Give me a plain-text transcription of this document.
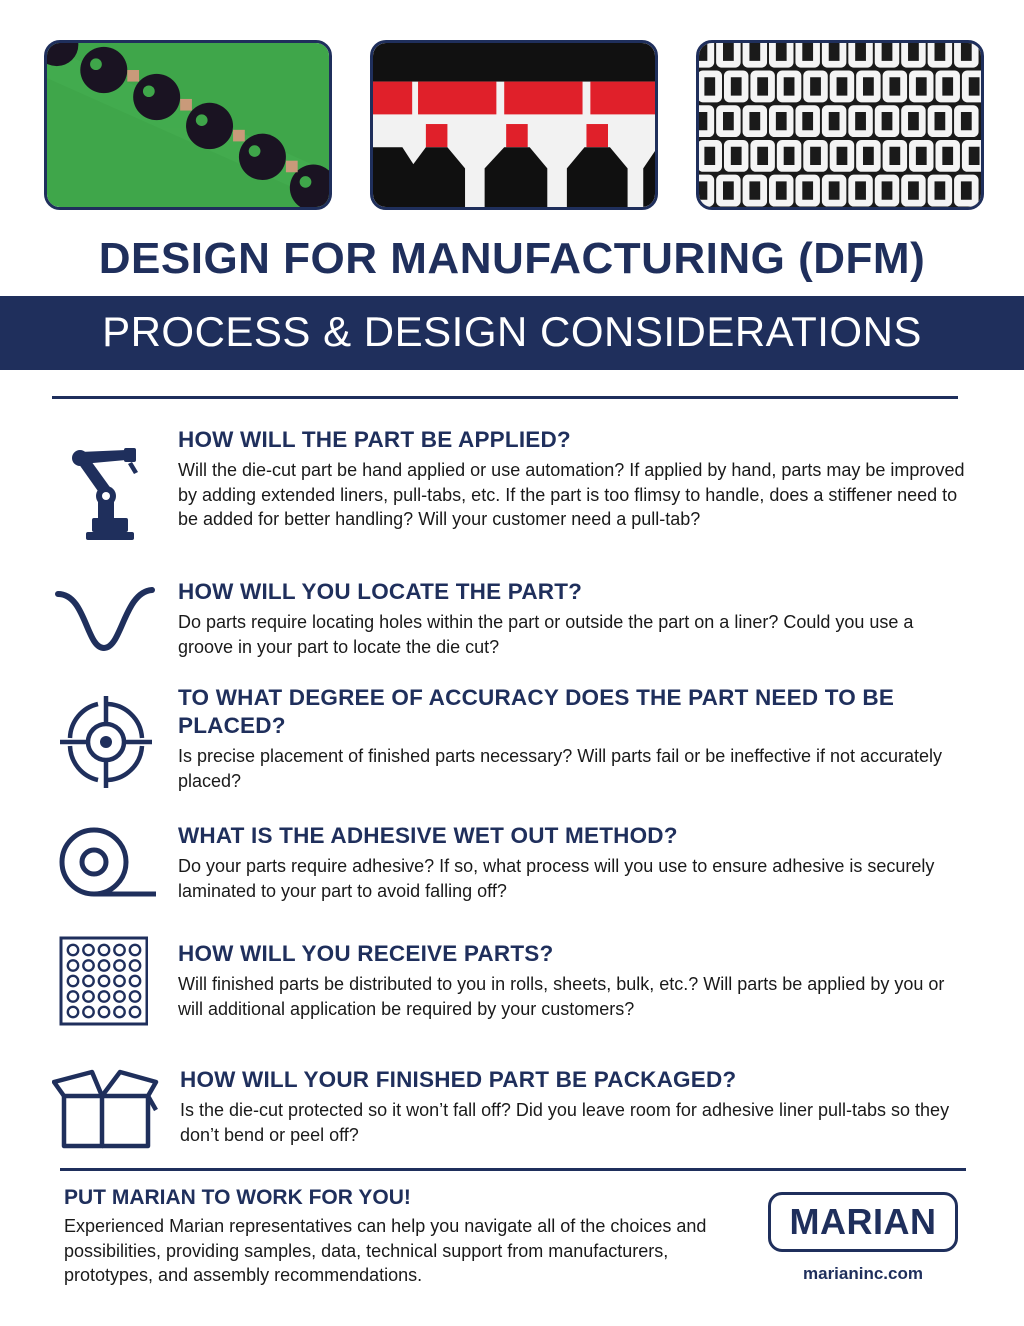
DESIGN FOR MANUFACTURING (DFM)
PROCESS & DESIGN CONSIDERATIONS
HOW WILL THE PART BE APPLIED?
Will the die-cut part be hand applied or use automation? If applied by hand, parts may be improved by adding extended liners, pull-tabs, etc. If the part is too flimsy to handle, does a stiffener need to be added for better handling? Will your customer need a pull-tab?
HOW WILL YOU LOCATE THE PART?
Do parts require locating holes within the part or outside the part on a liner? Could you use a groove in your part to locate the die cut?
TO WHAT DEGREE OF ACCURACY DOES THE PART NEED TO BE PLACED?
Is precise placement of finished parts necessary? Will parts fail or be ineffective if not accurately placed?
WHAT IS THE ADHESIVE WET OUT METHOD?
Do your parts require adhesive? If so, what process will you use to ensure adhesive is securely laminated to your part to avoid falling off?
HOW WILL YOU RECEIVE PARTS?
Will finished parts be distributed to you in rolls, sheets, bulk, etc.? Will parts be applied by you or will additional application be required by your customers?
HOW WILL YOUR FINISHED PART BE PACKAGED?
Is the die-cut protected so it won’t fall off? Did you leave room for adhesive liner pull-tabs so they don’t bend or peel off?
PUT MARIAN TO WORK FOR YOU!
Experienced Marian representatives can help you navigate all of the choices and possibilities, providing samples, data, technical support from manufacturers, prototypes, and assembly recommendations.
MARIAN
marianinc.com
